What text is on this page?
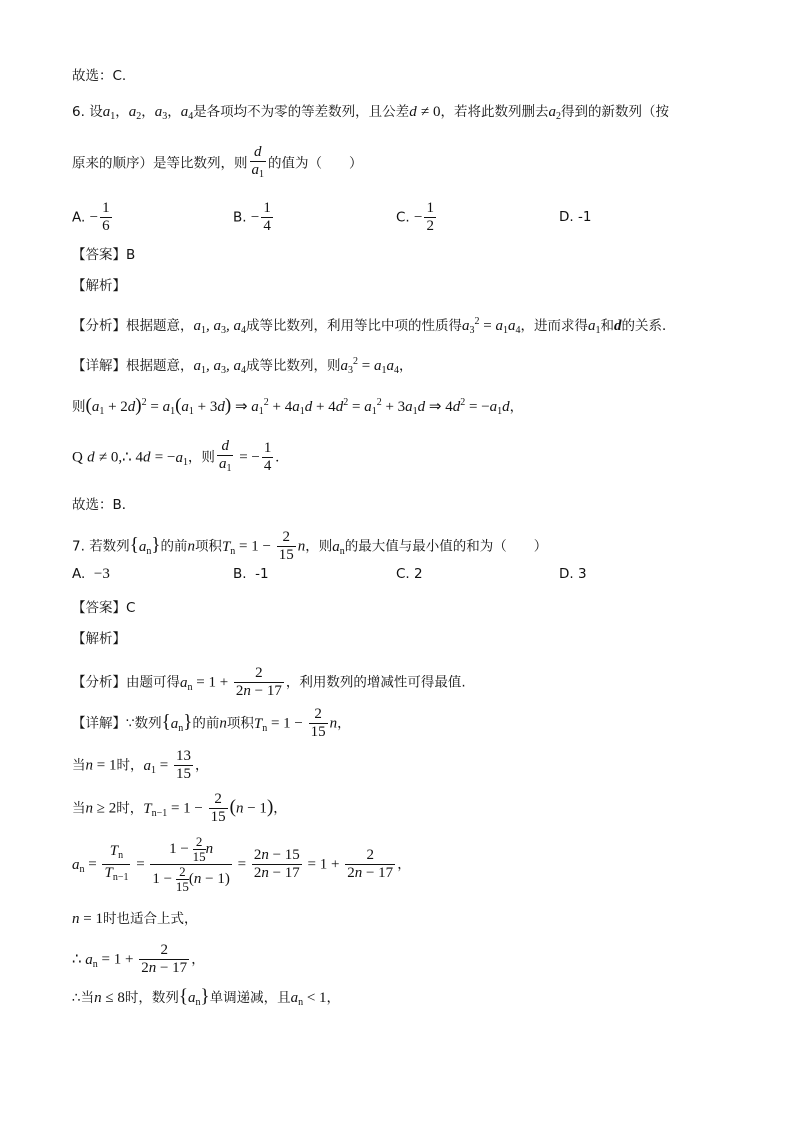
故选：C.
6. 设$a_1$，$a_2$，$a_3$，$a_4$是各项均不为零的等差数列，且公差d ≠ 0，若将此数列删去$a_2$得到的新数列（按
原来的顺序）是等比数列，则 $\frac{d}{a_1}$ 的值为（　　）
A. − $\frac{1}{6}$	B. − $\frac{1}{4}$	C. − $\frac{1}{2}$	D. -1
【答案】B
【解析】
【分析】根据题意，$a_1$, $a_3$, $a_4$成等比数列，利用等比中项的性质得$a_3^2 = a_1a_4$，进而求得$a_1$和d的关系．
【详解】根据题意，$a_1$, $a_3$, $a_4$成等比数列，则$a_3^2 = a_1a_4$，
则$(a_1 + 2d)^2 = a_1(a_1 + 3d)$ ⇒ $a_1^2 + 4a_1d + 4d^2 = a_1^2 + 3a_1d$ ⇒ $4d^2 = -a_1d$，
Q d ≠ 0,∴ $4d = -a_1$，则 $\frac{d}{a_1}$ = − $\frac{1}{4}$ .
故选：B．
7. 若数列$\{a_n\}$的前n项积$T_n = 1 - \frac{2}{15}$ n，则$a_n$的最大值与最小值的和为（　　）
A. −3	B. -1	C. 2	D. 3
【答案】C
【解析】
【分析】由题可得$a_n = 1 + \frac{2}{2n - 17}$ ，利用数列的增减性可得最值.
【详解】∵数列$\{a_n\}$的前n项积$T_n = 1 - \frac{2}{15}$ n，
当n = 1时，$a_1 = \frac{13}{15}$ ，
当n ≥ 2时，$T_{n-1} = 1 - \frac{2}{15} (n - 1)$，
$a_n = \frac{T_n}{T_{n-1}} = \frac{1 - \frac{2}{15} n}{1 - \frac{2}{15} (n - 1)} = \frac{2n - 15}{2n - 17} = 1 + \frac{2}{2n - 17}$ ，
n = 1时也适合上式，
∴ $a_n = 1 + \frac{2}{2n - 17}$ ，
∴当n ≤ 8时，数列$\{a_n\}$单调递减，且$a_n < 1$，
